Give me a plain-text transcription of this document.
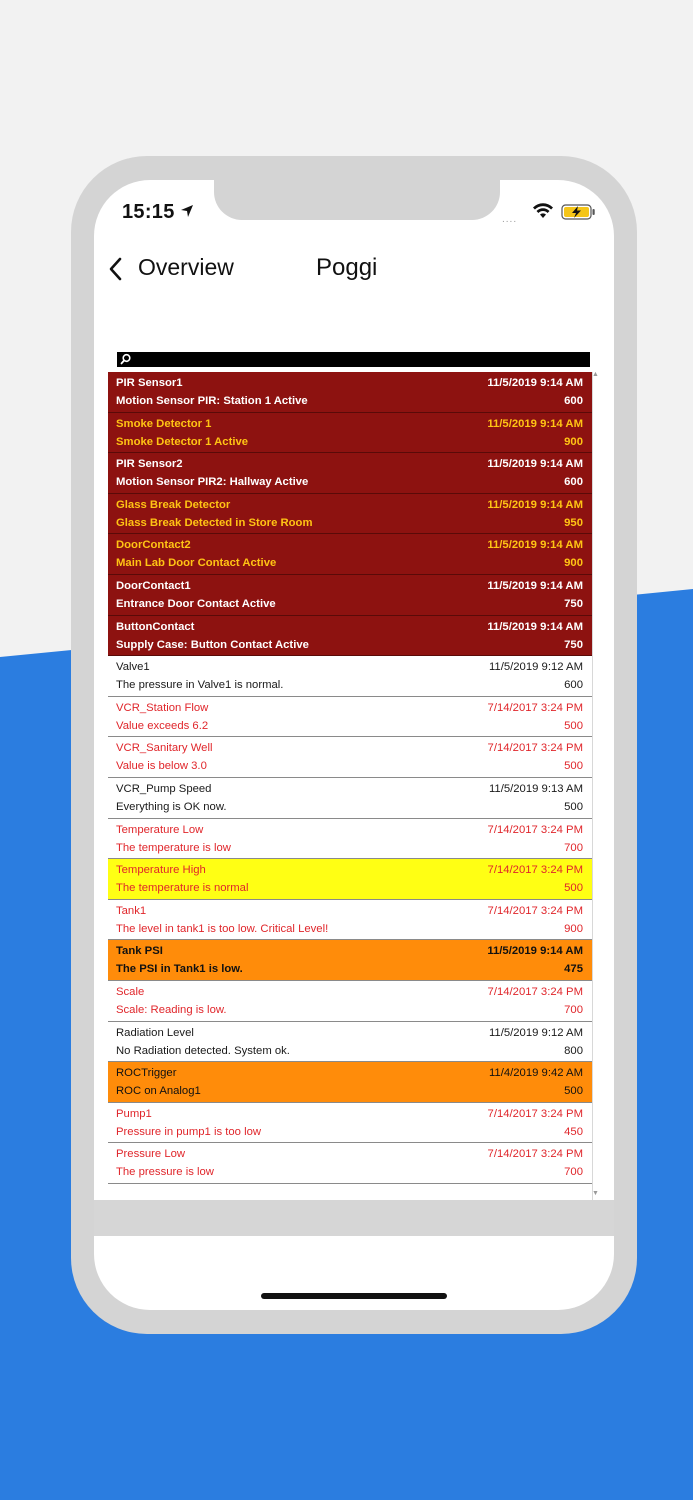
15:15	....
Overview	Poggi
PIR Sensor1
Motion Sensor PIR: Station 1 Active
11/5/2019 9:14 AM
600
Smoke Detector 1
Smoke Detector 1 Active
11/5/2019 9:14 AM
900
PIR Sensor2
Motion Sensor PIR2: Hallway Active
11/5/2019 9:14 AM
600
Glass Break Detector
Glass Break Detected in Store Room
11/5/2019 9:14 AM
950
DoorContact2
Main Lab Door Contact Active
11/5/2019 9:14 AM
900
DoorContact1
Entrance Door Contact Active
11/5/2019 9:14 AM
750
ButtonContact
Supply Case: Button Contact Active
11/5/2019 9:14 AM
750
Valve1
The pressure in Valve1 is normal.
11/5/2019 9:12 AM
600
VCR_Station Flow
Value exceeds 6.2
7/14/2017 3:24 PM
500
VCR_Sanitary Well
Value is below 3.0
7/14/2017 3:24 PM
500
VCR_Pump Speed
Everything is OK now.
11/5/2019 9:13 AM
500
Temperature Low
The temperature is low
7/14/2017 3:24 PM
700
Temperature High
The temperature is normal
7/14/2017 3:24 PM
500
Tank1
The level in tank1 is too low. Critical Level!
7/14/2017 3:24 PM
900
Tank PSI
The PSI in Tank1 is low.
11/5/2019 9:14 AM
475
Scale
Scale: Reading is low.
7/14/2017 3:24 PM
700
Radiation Level
No Radiation detected. System ok.
11/5/2019 9:12 AM
800
ROCTrigger
ROC on Analog1
11/4/2019 9:42 AM
500
Pump1
Pressure in pump1 is too low
7/14/2017 3:24 PM
450
Pressure Low
The pressure is low
7/14/2017 3:24 PM
700
▲
▼
